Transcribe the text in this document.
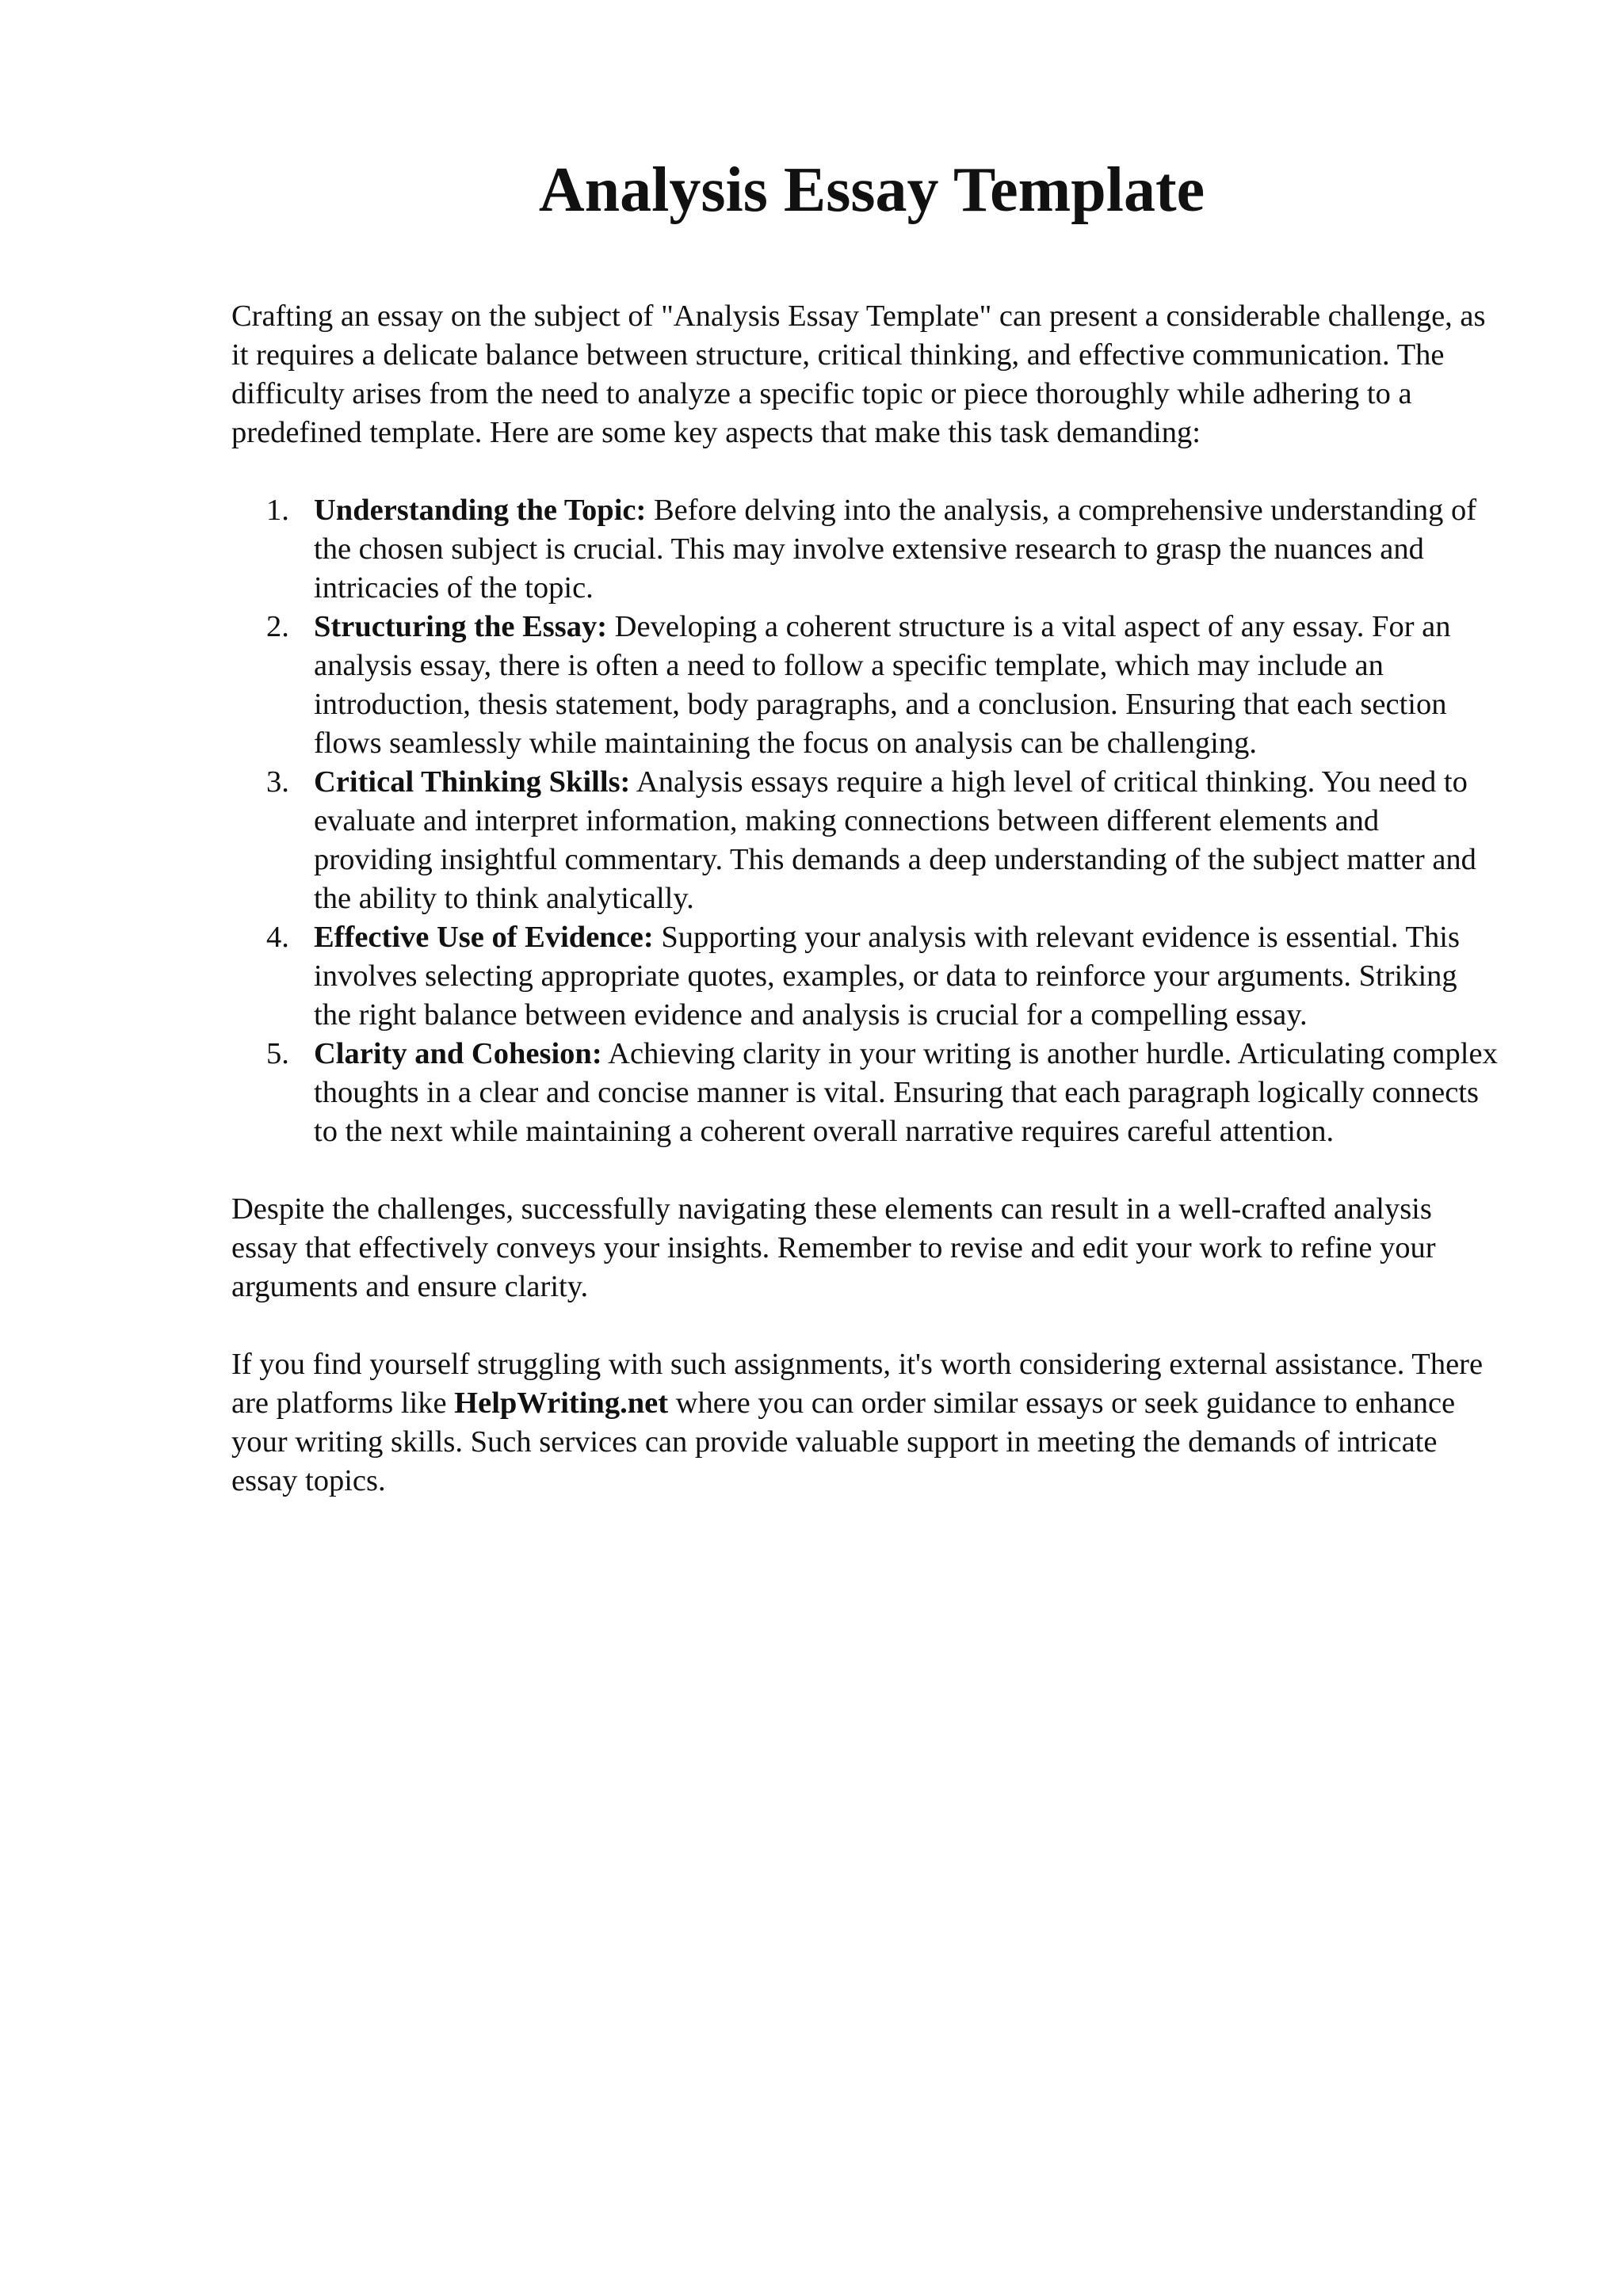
Analysis Essay Template

Crafting an essay on the subject of "Analysis Essay Template" can present a considerable challenge, as it requires a delicate balance between structure, critical thinking, and effective communication. The difficulty arises from the need to analyze a specific topic or piece thoroughly while adhering to a predefined template. Here are some key aspects that make this task demanding:

1. Understanding the Topic: Before delving into the analysis, a comprehensive understanding of the chosen subject is crucial. This may involve extensive research to grasp the nuances and intricacies of the topic.
2. Structuring the Essay: Developing a coherent structure is a vital aspect of any essay. For an analysis essay, there is often a need to follow a specific template, which may include an introduction, thesis statement, body paragraphs, and a conclusion. Ensuring that each section flows seamlessly while maintaining the focus on analysis can be challenging.
3. Critical Thinking Skills: Analysis essays require a high level of critical thinking. You need to evaluate and interpret information, making connections between different elements and providing insightful commentary. This demands a deep understanding of the subject matter and the ability to think analytically.
4. Effective Use of Evidence: Supporting your analysis with relevant evidence is essential. This involves selecting appropriate quotes, examples, or data to reinforce your arguments. Striking the right balance between evidence and analysis is crucial for a compelling essay.
5. Clarity and Cohesion: Achieving clarity in your writing is another hurdle. Articulating complex thoughts in a clear and concise manner is vital. Ensuring that each paragraph logically connects to the next while maintaining a coherent overall narrative requires careful attention.

Despite the challenges, successfully navigating these elements can result in a well-crafted analysis essay that effectively conveys your insights. Remember to revise and edit your work to refine your arguments and ensure clarity.

If you find yourself struggling with such assignments, it's worth considering external assistance. There are platforms like HelpWriting.net where you can order similar essays or seek guidance to enhance your writing skills. Such services can provide valuable support in meeting the demands of intricate essay topics.
